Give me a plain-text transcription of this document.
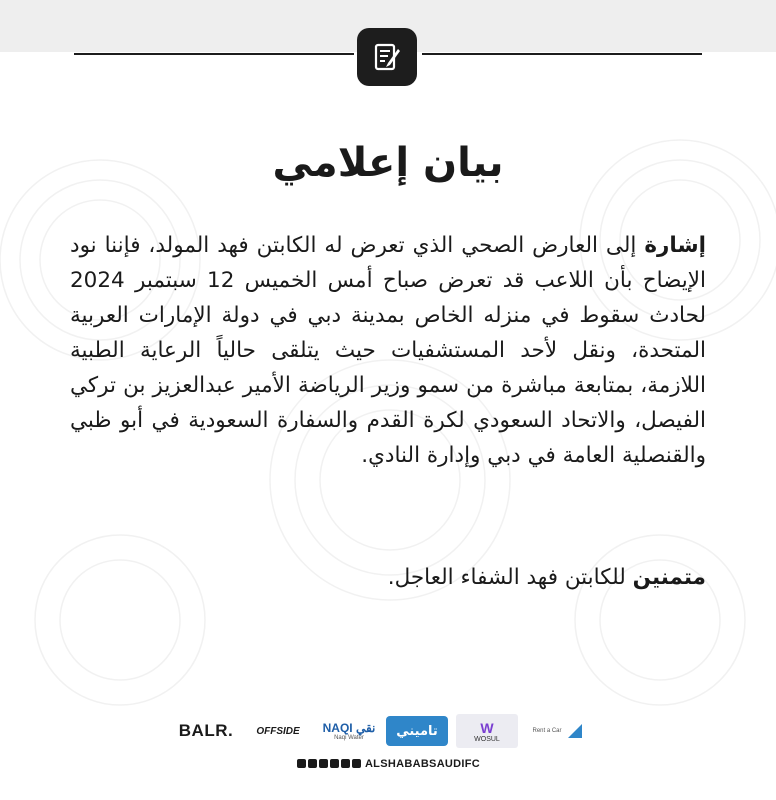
بيان إعلامي
إشارة إلى العارض الصحي الذي تعرض له الكابتن فهد المولد، فإننا نود الإيضاح بأن اللاعب قد تعرض صباح أمس الخميس 12 سبتمبر 2024 لحادث سقوط في منزله الخاص بمدينة دبي في دولة الإمارات العربية المتحدة، ونقل لأحد المستشفيات حيث يتلقى حالياً الرعاية الطبية اللازمة، بمتابعة مباشرة من سمو وزير الرياضة الأمير عبدالعزيز بن تركي الفيصل، والاتحاد السعودي لكرة القدم والسفارة السعودية في أبو ظبي والقنصلية العامة في دبي وإدارة النادي.
متمنين للكابتن فهد الشفاء العاجل.
BALR.	OFFSIDE	NAQI نقي
Naqi Water	تاميني	W
WOSUL
Rent a Car
ALSHABABSAUDIFC
